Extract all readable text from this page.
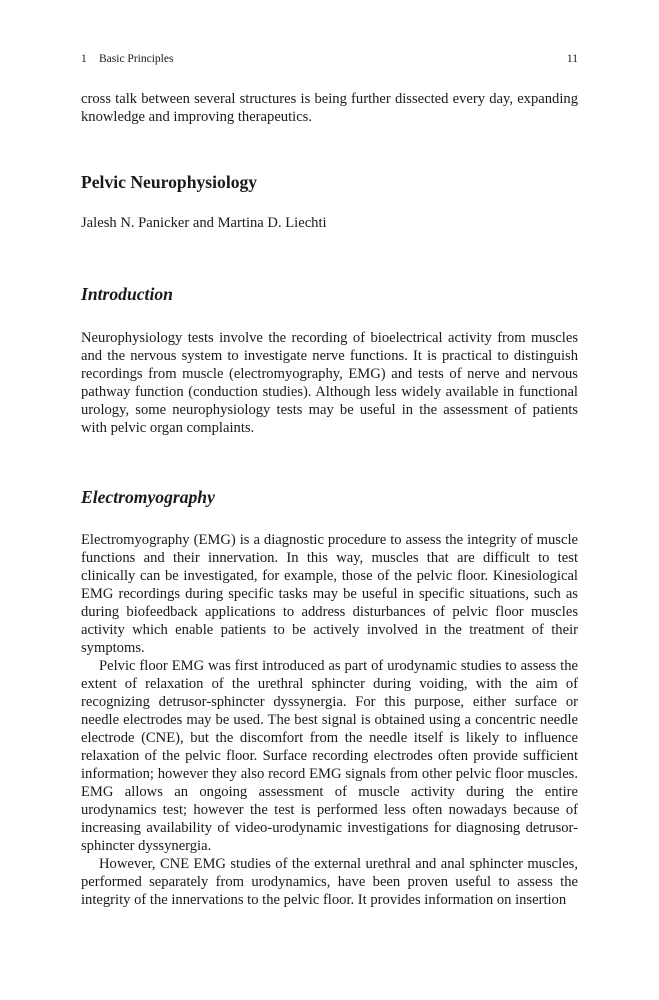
1 Basic Principles	11

cross talk between several structures is being further dissected every day, expanding knowledge and improving therapeutics.

Pelvic Neurophysiology
Jalesh N. Panicker and Martina D. Liechti
Introduction

Neurophysiology tests involve the recording of bioelectrical activity from muscles and the nervous system to investigate nerve functions. It is practical to distinguish recordings from muscle (electromyography, EMG) and tests of nerve and nervous pathway function (conduction studies). Although less widely available in functional urology, some neurophysiology tests may be useful in the assessment of patients with pelvic organ complaints.

Electromyography

Electromyography (EMG) is a diagnostic procedure to assess the integrity of muscle functions and their innervation. In this way, muscles that are difficult to test clinically can be investigated, for example, those of the pelvic floor. Kinesiological EMG recordings during specific tasks may be useful in specific situations, such as during biofeedback applications to address disturbances of pelvic floor muscles activity which enable patients to be actively involved in the treatment of their symptoms.

Pelvic floor EMG was first introduced as part of urodynamic studies to assess the extent of relaxation of the urethral sphincter during voiding, with the aim of recognizing detrusor-sphincter dyssynergia. For this purpose, either surface or needle electrodes may be used. The best signal is obtained using a concentric needle electrode (CNE), but the discomfort from the needle itself is likely to influence relaxation of the pelvic floor. Surface recording electrodes often provide sufficient information; however they also record EMG signals from other pelvic floor muscles. EMG allows an ongoing assessment of muscle activity during the entire urodynamics test; however the test is performed less often nowadays because of increasing availability of video-urodynamic investigations for diagnosing detrusor-sphincter dyssynergia.

However, CNE EMG studies of the external urethral and anal sphincter muscles, performed separately from urodynamics, have been proven useful to assess the integrity of the innervations to the pelvic floor. It provides information on insertion
